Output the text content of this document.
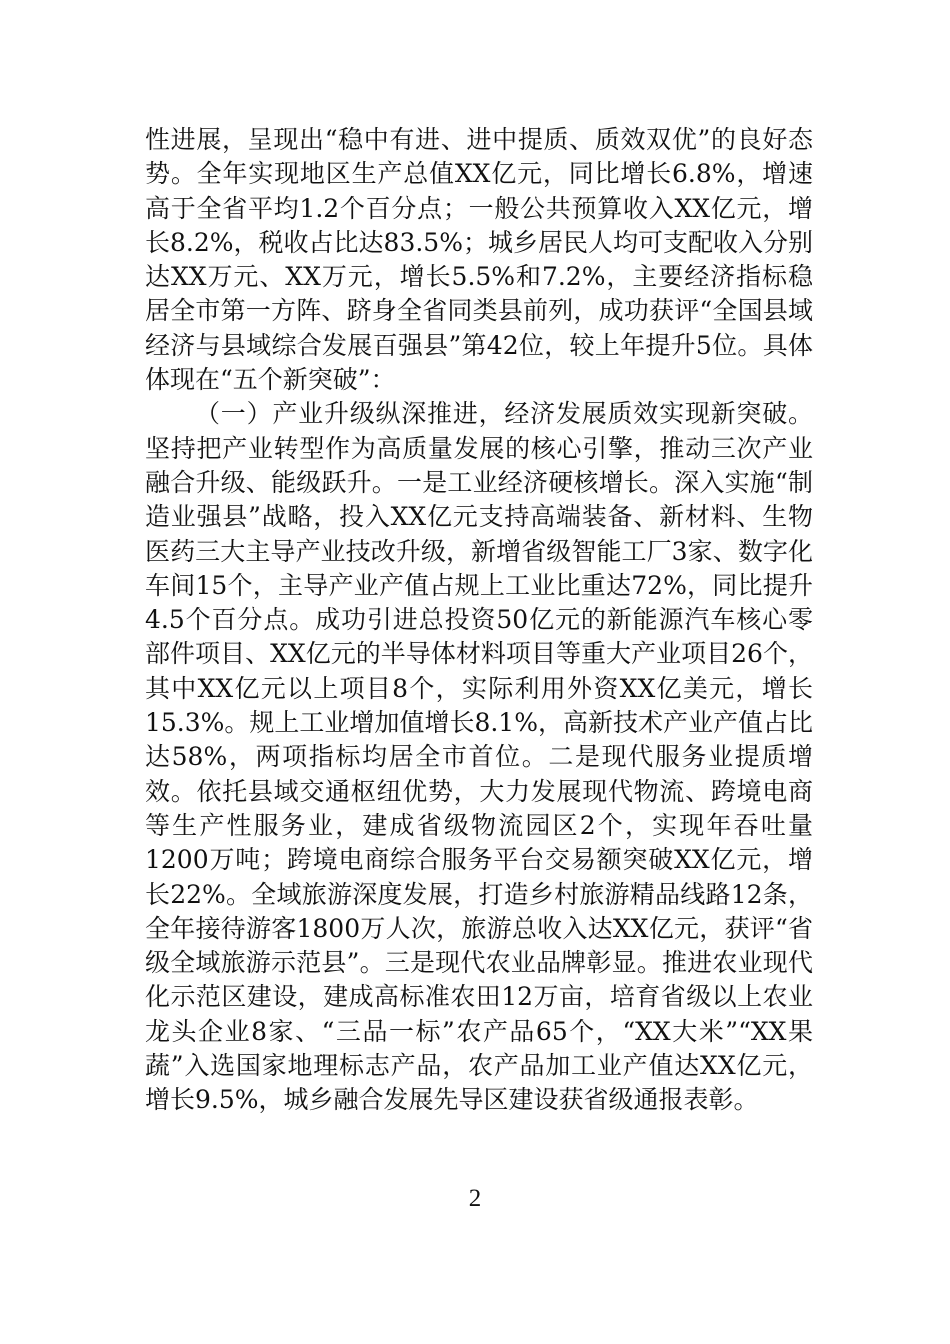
性进展，呈现出“稳中有进、进中提质、质效双优”的良好态势。全年实现地区生产总值XX亿元，同比增长6.8%，增速高于全省平均1.2个百分点；一般公共预算收入XX亿元，增长8.2%，税收占比达83.5%；城乡居民人均可支配收入分别达XX万元、XX万元，增长5.5%和7.2%，主要经济指标稳居全市第一方阵、跻身全省同类县前列，成功获评“全国县域经济与县域综合发展百强县”第42位，较上年提升5位。具体体现在“五个新突破”：

（一）产业升级纵深推进，经济发展质效实现新突破。坚持把产业转型作为高质量发展的核心引擎，推动三次产业融合升级、能级跃升。一是工业经济硬核增长。深入实施“制造业强县”战略，投入XX亿元支持高端装备、新材料、生物医药三大主导产业技改升级，新增省级智能工厂3家、数字化车间15个，主导产业产值占规上工业比重达72%，同比提升4.5个百分点。成功引进总投资50亿元的新能源汽车核心零部件项目、XX亿元的半导体材料项目等重大产业项目26个，其中XX亿元以上项目8个，实际利用外资XX亿美元，增长15.3%。规上工业增加值增长8.1%，高新技术产业产值占比达58%，两项指标均居全市首位。二是现代服务业提质增效。依托县域交通枢纽优势，大力发展现代物流、跨境电商等生产性服务业，建成省级物流园区2个，实现年吞吐量1200万吨；跨境电商综合服务平台交易额突破XX亿元，增长22%。全域旅游深度发展，打造乡村旅游精品线路12条，全年接待游客1800万人次，旅游总收入达XX亿元，获评“省级全域旅游示范县”。三是现代农业品牌彰显。推进农业现代化示范区建设，建成高标准农田12万亩，培育省级以上农业龙头企业8家、“三品一标”农产品65个，“XX大米”“XX果蔬”入选国家地理标志产品，农产品加工业产值达XX亿元，增长9.5%，城乡融合发展先导区建设获省级通报表彰。

2
